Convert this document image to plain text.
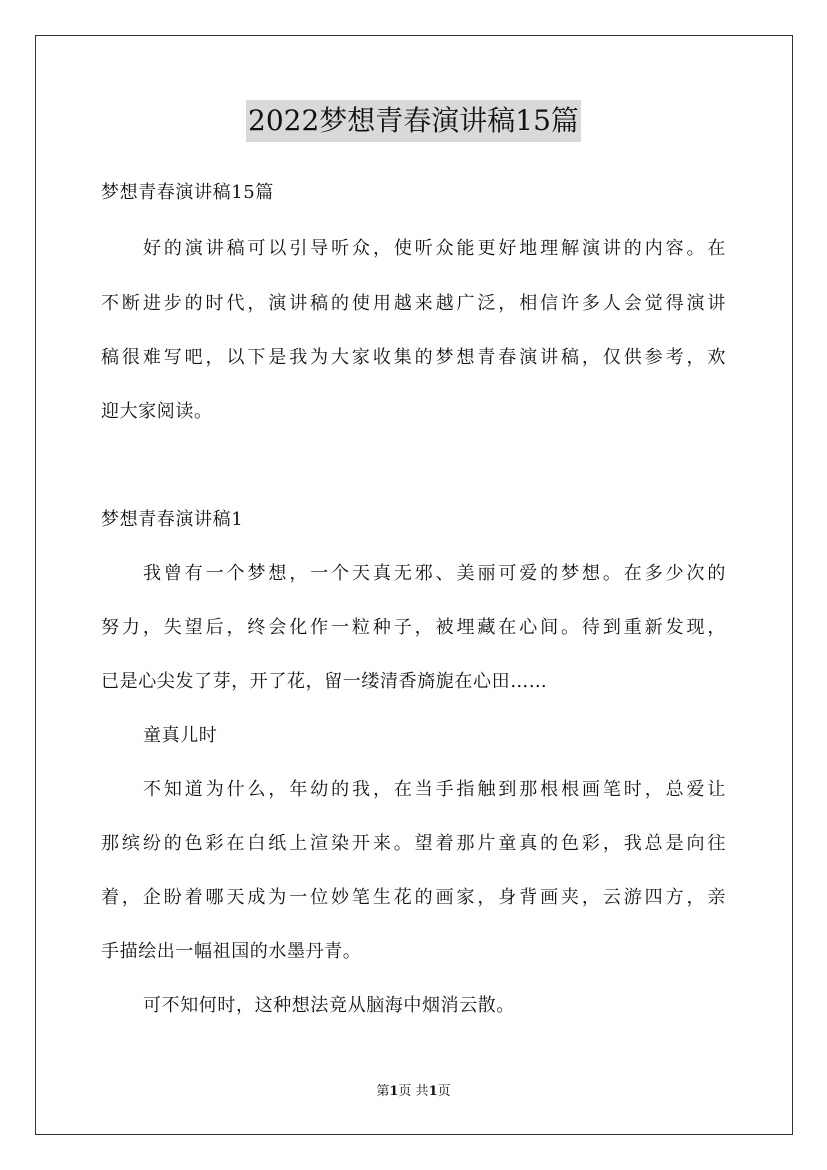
2022梦想青春演讲稿15篇
梦想青春演讲稿15篇
好的演讲稿可以引导听众，使听众能更好地理解演讲的内容。在
不断进步的时代，演讲稿的使用越来越广泛，相信许多人会觉得演讲
稿很难写吧，以下是我为大家收集的梦想青春演讲稿，仅供参考，欢
迎大家阅读。
梦想青春演讲稿1
我曾有一个梦想，一个天真无邪、美丽可爱的梦想。在多少次的
努力，失望后，终会化作一粒种子，被埋藏在心间。待到重新发现，
已是心尖发了芽，开了花，留一缕清香旖旎在心田……
童真儿时
不知道为什么，年幼的我，在当手指触到那根根画笔时，总爱让
那缤纷的色彩在白纸上渲染开来。望着那片童真的色彩，我总是向往
着，企盼着哪天成为一位妙笔生花的画家，身背画夹，云游四方，亲
手描绘出一幅祖国的水墨丹青。
可不知何时，这种想法竟从脑海中烟消云散。
第1页 共1页
